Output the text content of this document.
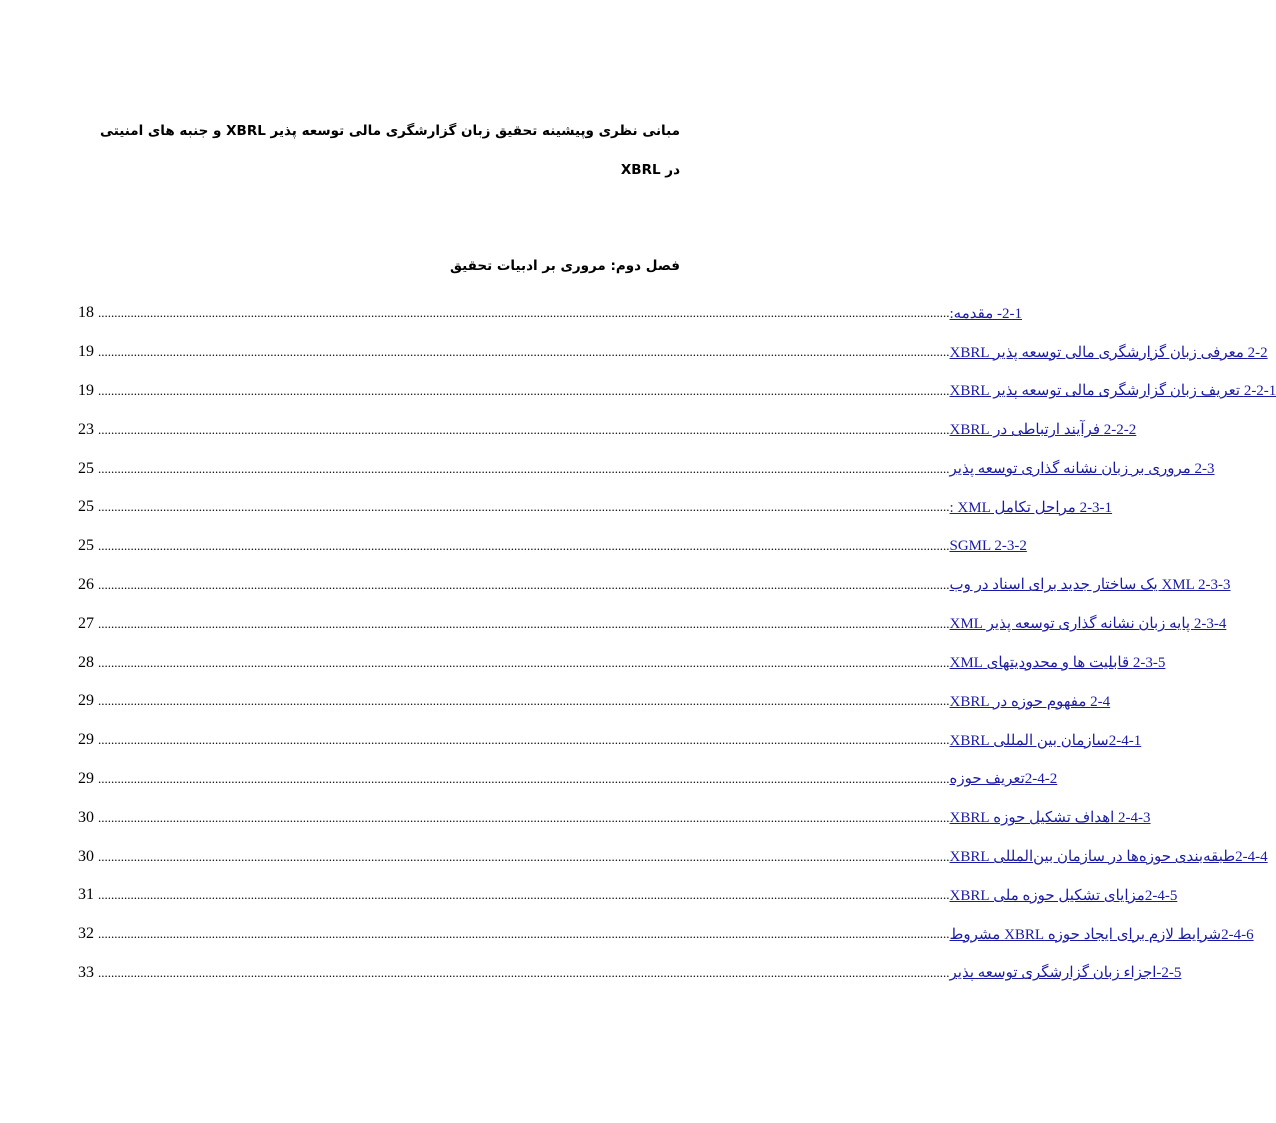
مبانی نظری وپیشینه تحقیق زبان گزارشگری مالی توسعه پذیر XBRL و جنبه های امنیتی در XBRL
فصل دوم: مروری بر ادبیات تحقیق
18 ...................................................................................................................................................................................................................................................................... 2-1- مقدمه:
19 ...................................................................................................................................................................................................................................................................... 2-2 معرفی زبان گزارشگری مالی توسعه پذیر XBRL
19 ...................................................................................................................................................................................................................................................................... 2-2-1 تعریف زبان گزارشگری مالی توسعه پذیر XBRL
23 ...................................................................................................................................................................................................................................................................... 2-2-2 فرآیند ارتباطی در XBRL
25 ...................................................................................................................................................................................................................................................................... 2-3 مروری بر زبان نشانه گذاری توسعه پذیر
25 ...................................................................................................................................................................................................................................................................... 2-3-1 مراحل تکامل XML :
25 ...................................................................................................................................................................................................................................................................... SGML 2-3-2
26 ...................................................................................................................................................................................................................................................................... XML 2-3-3 یک ساختار جدید برای اسناد در وب
27 ...................................................................................................................................................................................................................................................................... 2-3-4 پایه زبان نشانه گذاری توسعه پذیر XML
28 ...................................................................................................................................................................................................................................................................... 2-3-5 قابلیت ها و محدودیتهای XML
29 ...................................................................................................................................................................................................................................................................... 2-4 مفهوم حوزه در XBRL
29 ...................................................................................................................................................................................................................................................................... 2-4-1سازمان بین المللی XBRL
29 ...................................................................................................................................................................................................................................................................... 2-4-2تعریف حوزه
30 ...................................................................................................................................................................................................................................................................... 2-4-3 اهداف تشکیل حوزه XBRL
30 ...................................................................................................................................................................................................................................................................... 2-4-4طبقه‌بندی حوزه‌ها در سازمان بین‌المللی XBRL
31 ...................................................................................................................................................................................................................................................................... 2-4-5مزایای تشکیل حوزه ملی XBRL
32 ...................................................................................................................................................................................................................................................................... 2-4-6شرایط لازم برای ایجاد حوزه XBRL مشروط
33 ...................................................................................................................................................................................................................................................................... 2-5-اجزاء زبان گزارشگری توسعه پذیر
